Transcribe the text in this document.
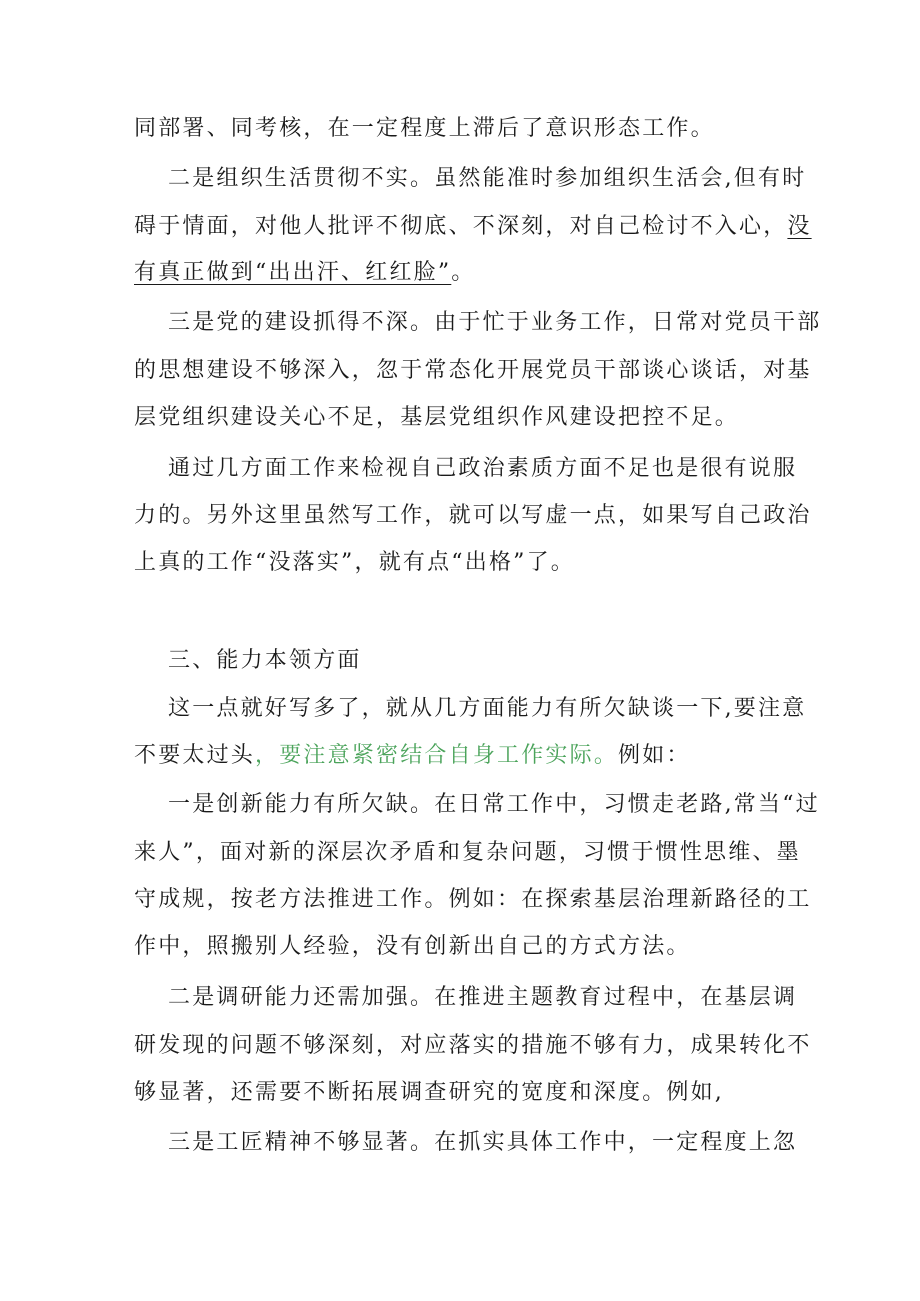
同部署、同考核，在一定程度上滞后了意识形态工作。
二是组织生活贯彻不实。虽然能准时参加组织生活会,但有时
碍于情面，对他人批评不彻底、不深刻，对自己检讨不入心，没
有真正做到“出出汗、红红脸”。
三是党的建设抓得不深。由于忙于业务工作，日常对党员干部
的思想建设不够深入，忽于常态化开展党员干部谈心谈话，对基
层党组织建设关心不足，基层党组织作风建设把控不足。
通过几方面工作来检视自己政治素质方面不足也是很有说服
力的。另外这里虽然写工作，就可以写虚一点，如果写自己政治
上真的工作“没落实”，就有点“出格”了。
三、能力本领方面
这一点就好写多了，就从几方面能力有所欠缺谈一下,要注意
不要太过头，要注意紧密结合自身工作实际。例如：
一是创新能力有所欠缺。在日常工作中，习惯走老路,常当“过
来人”，面对新的深层次矛盾和复杂问题，习惯于惯性思维、墨
守成规，按老方法推进工作。例如：在探索基层治理新路径的工
作中，照搬别人经验，没有创新出自己的方式方法。
二是调研能力还需加强。在推进主题教育过程中，在基层调
研发现的问题不够深刻，对应落实的措施不够有力，成果转化不
够显著，还需要不断拓展调查研究的宽度和深度。例如,
三是工匠精神不够显著。在抓实具体工作中，一定程度上忽
